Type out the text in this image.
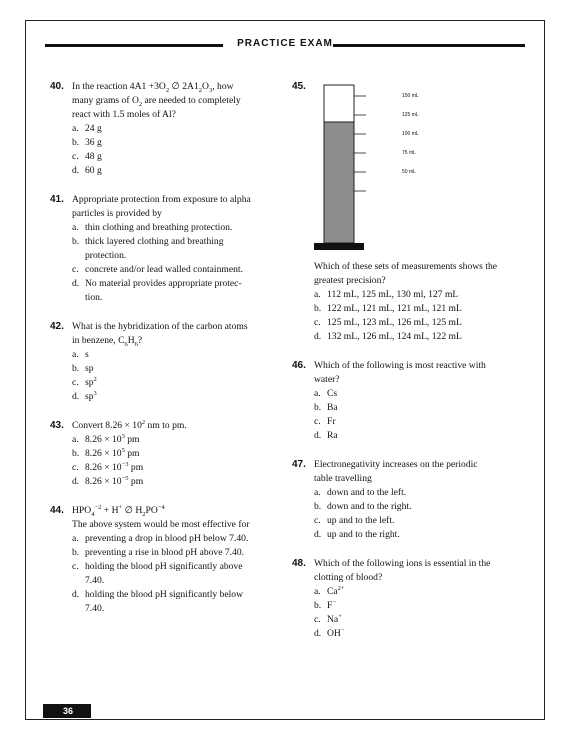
PRACTICE EXAM
40. In the reaction $4A1 +3O_2$ ∅ $2A1_2O_3$, how
many grams of $O_2$ are needed to completely
react with 1.5 moles of Al?
a. 24 g
b. 36 g
c. 48 g
d. 60 g
41. Appropriate protection from exposure to alpha
particles is provided by
a. thin clothing and breathing protection.
b. thick layered clothing and breathing
protection.
c. concrete and/or lead walled containment.
d. No material provides appropriate protec-
tion.
42. What is the hybridization of the carbon atoms
in benzene, $C_6H_6$?
a. s
b. sp
c. $sp^2$
d. $sp^3$
43. Convert $8.26 \times 10^2$ nm to pm.
a. $8.26 \times 10^3$ pm
b. $8.26 \times 10^5$ pm
c. $8.26 \times 10^{-3}$ pm
d. $8.26 \times 10^{-5}$ pm
44. $HPO_4^{-2} + H^+$ ∅ $H_2PO^{-4}$
The above system would be most effective for
a. preventing a drop in blood pH below 7.40.
b. preventing a rise in blood pH above 7.40.
c. holding the blood pH significantly above
7.40.
d. holding the blood pH significantly below
7.40.
45.
150 mL
125 mL
100 mL
75 mL
50 mL
Which of these sets of measurements shows the
greatest precision?
a. 112 mL, 125 mL, 130 ml, 127 mL
b. 122 mL, 121 mL, 121 mL, 121 mL
c. 125 mL, 123 mL, 126 mL, 125 mL
d. 132 mL, 126 mL, 124 mL, 122 mL
46. Which of the following is most reactive with
water?
a. Cs
b. Ba
c. Fr
d. Ra
47. Electronegativity increases on the periodic
table travelling
a. down and to the left.
b. down and to the right.
c. up and to the left.
d. up and to the right.
48. Which of the following ions is essential in the
clotting of blood?
a. $Ca^{2+}$
b. F−
c. Na+
d. OH−
36
